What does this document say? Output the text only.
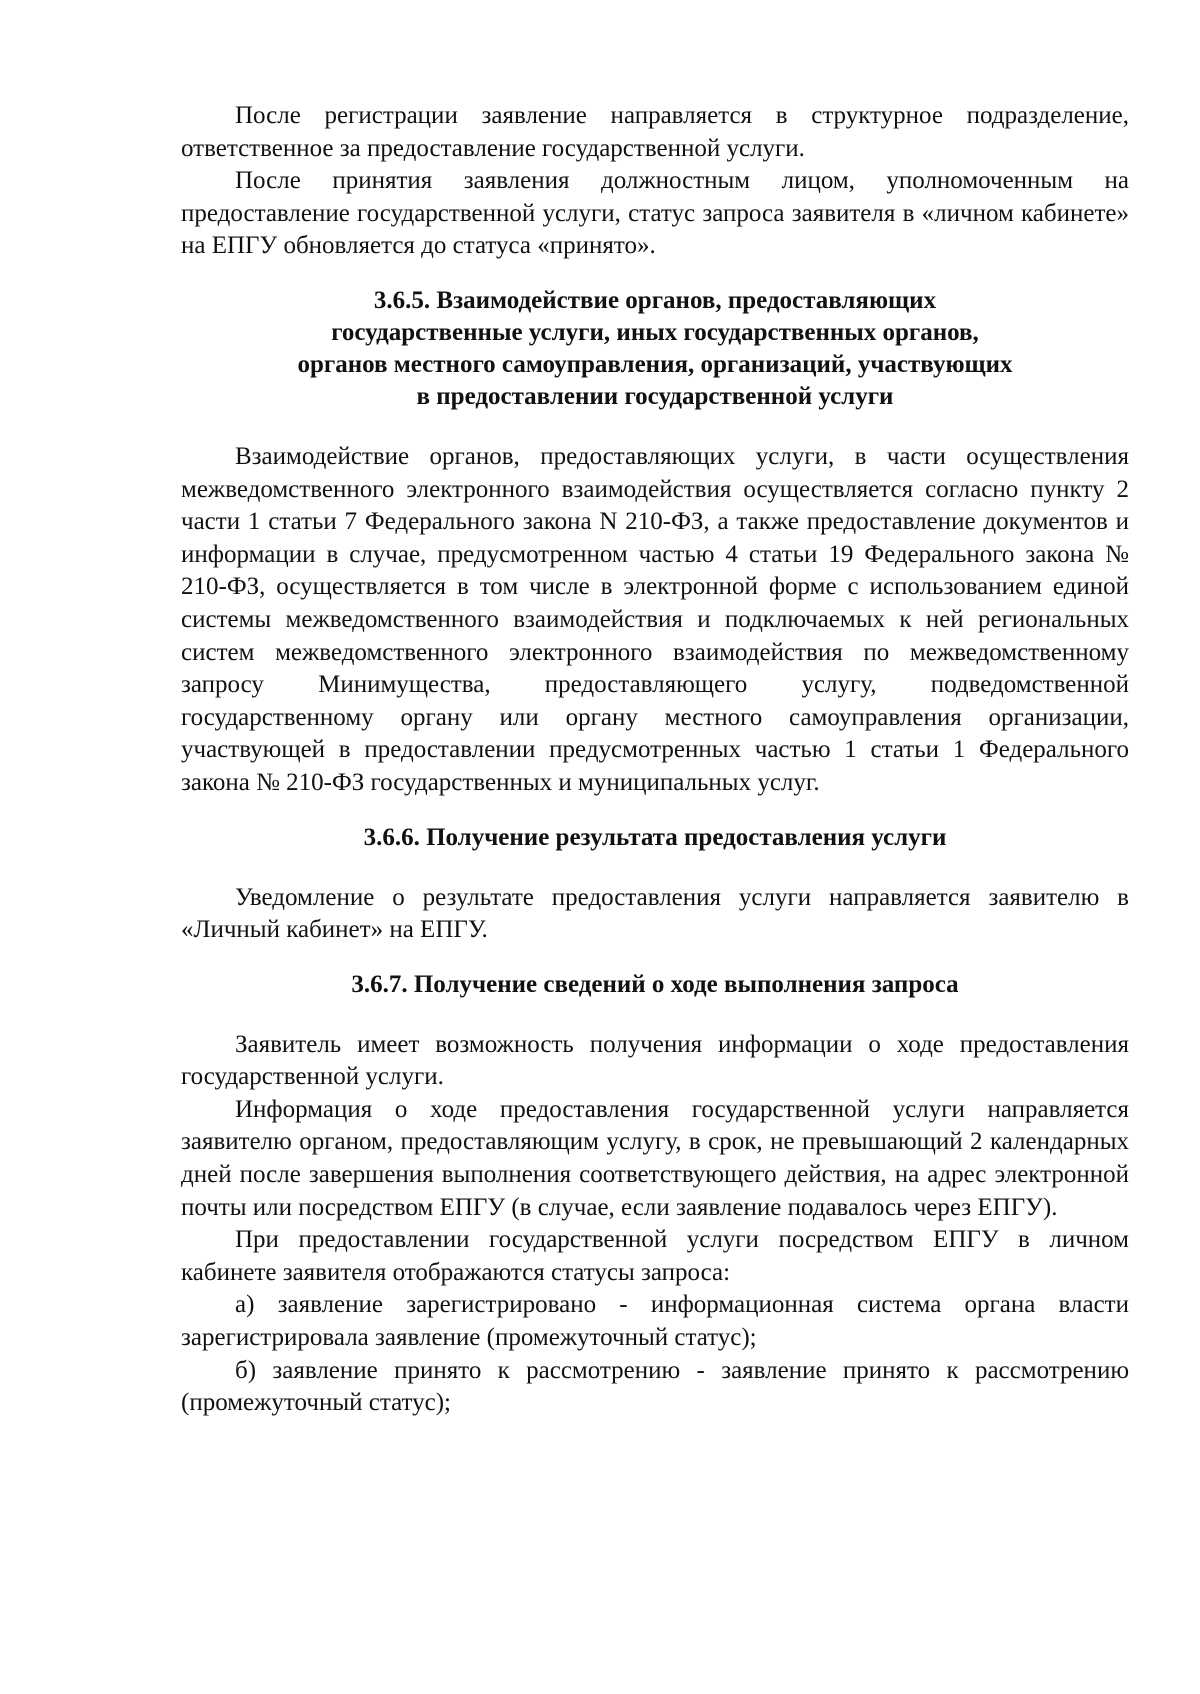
После регистрации заявление направляется в структурное подразделение, ответственное за предоставление государственной услуги.

После принятия заявления должностным лицом, уполномоченным на предоставление государственной услуги, статус запроса заявителя в «личном кабинете» на ЕПГУ обновляется до статуса «принято».

3.6.5. Взаимодействие органов, предоставляющих
государственные услуги, иных государственных органов,
органов местного самоуправления, организаций, участвующих
в предоставлении государственной услуги

Взаимодействие органов, предоставляющих услуги, в части осуществления межведомственного электронного взаимодействия осуществляется согласно пункту 2 части 1 статьи 7 Федерального закона N 210-ФЗ, а также предоставление документов и информации в случае, предусмотренном частью 4 статьи 19 Федерального закона № 210-ФЗ, осуществляется в том числе в электронной форме с использованием единой системы межведомственного взаимодействия и подключаемых к ней региональных систем межведомственного электронного взаимодействия по межведомственному запросу Минимущества, предоставляющего услугу, подведомственной государственному органу или органу местного самоуправления организации, участвующей в предоставлении предусмотренных частью 1 статьи 1 Федерального закона № 210-ФЗ государственных и муниципальных услуг.

3.6.6. Получение результата предоставления услуги

Уведомление о результате предоставления услуги направляется заявителю в «Личный кабинет» на ЕПГУ.

3.6.7. Получение сведений о ходе выполнения запроса

Заявитель имеет возможность получения информации о ходе предоставления государственной услуги.

Информация о ходе предоставления государственной услуги направляется заявителю органом, предоставляющим услугу, в срок, не превышающий 2 календарных дней после завершения выполнения соответствующего действия, на адрес электронной почты или посредством ЕПГУ (в случае, если заявление подавалось через ЕПГУ).

При предоставлении государственной услуги посредством ЕПГУ в личном кабинете заявителя отображаются статусы запроса:

а) заявление зарегистрировано - информационная система органа власти зарегистрировала заявление (промежуточный статус);

б) заявление принято к рассмотрению - заявление принято к рассмотрению (промежуточный статус);
